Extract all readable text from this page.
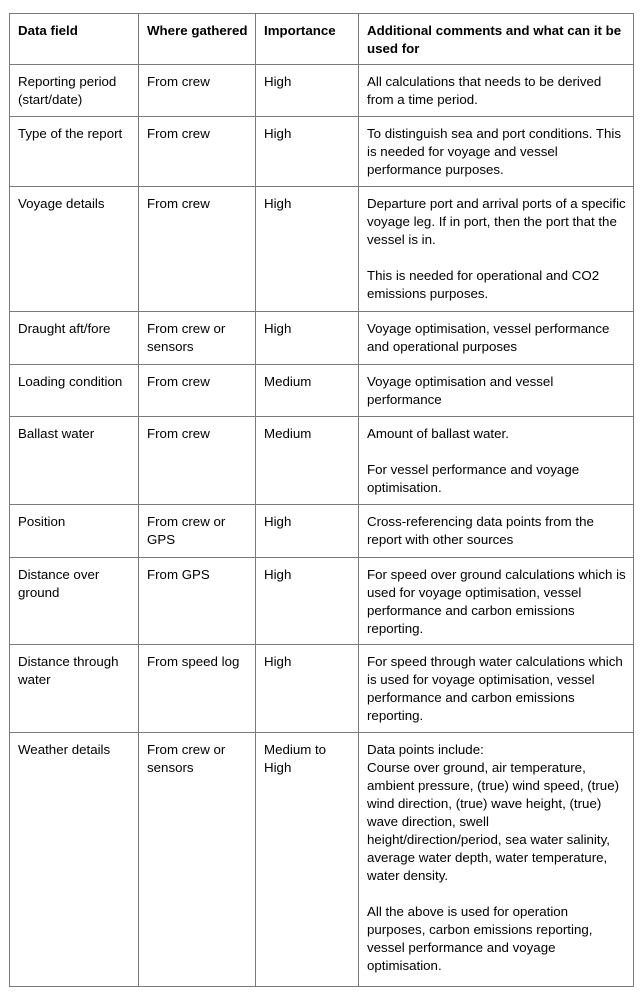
Data field	Where gathered	Importance	Additional comments and what can it be used for
Reporting period (start/date)	From crew	High	All calculations that needs to be derived from a time period.

Type of the report	From crew	High	To distinguish sea and port conditions. This is needed for voyage and vessel performance purposes.

Voyage details	From crew	High	Departure port and arrival ports of a specific voyage leg. If in port, then the port that the vessel is in.
This is needed for operational and CO2 emissions purposes.

Draught aft/fore	From crew or sensors	High	Voyage optimisation, vessel performance and operational purposes

Loading condition	From crew	Medium	Voyage optimisation and vessel performance

Ballast water	From crew	Medium	Amount of ballast water.
For vessel performance and voyage optimisation.

Position	From crew or GPS	High	Cross-referencing data points from the report with other sources

Distance over ground	From GPS	High	For speed over ground calculations which is used for voyage optimisation, vessel performance and carbon emissions reporting.

Distance through water	From speed log	High	For speed through water calculations which is used for voyage optimisation, vessel performance and carbon emissions reporting.

Weather details	From crew or sensors	Medium to High	Data points include:
Course over ground, air temperature, ambient pressure, (true) wind speed, (true) wind direction, (true) wave height, (true) wave direction, swell height/direction/period, sea water salinity, average water depth, water temperature, water density.
All the above is used for operation purposes, carbon emissions reporting, vessel performance and voyage optimisation.
